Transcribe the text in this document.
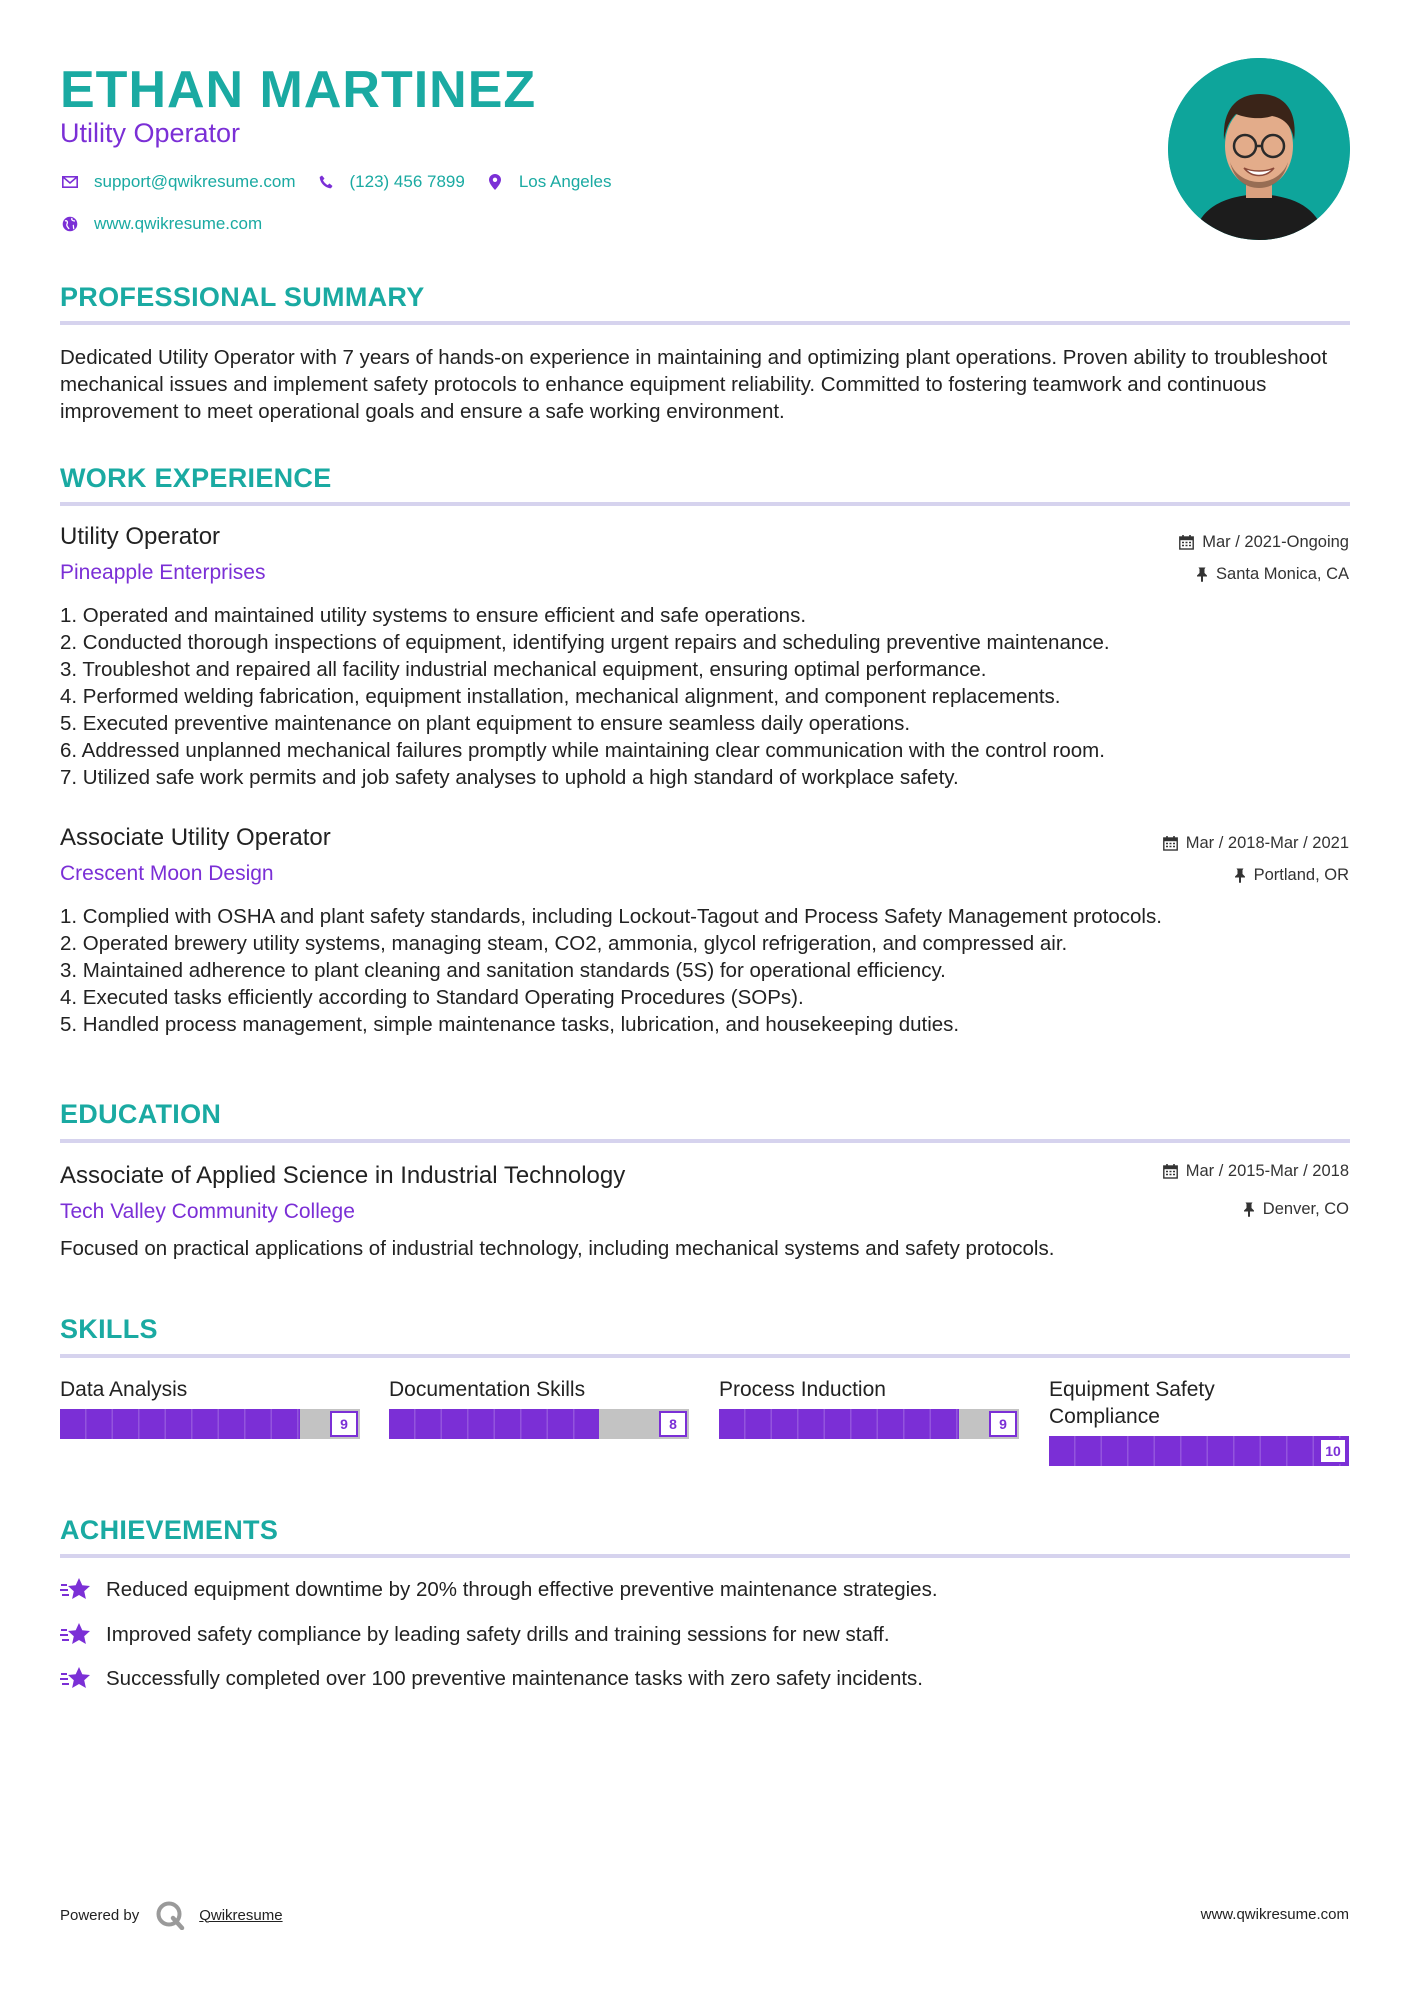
ETHAN MARTINEZ
Utility Operator
support@qwikresume.com	(123) 456 7899	Los Angeles
www.qwikresume.com
PROFESSIONAL SUMMARY

Dedicated Utility Operator with 7 years of hands-on experience in maintaining and optimizing plant operations. Proven ability to troubleshoot mechanical issues and implement safety protocols to enhance equipment reliability. Committed to fostering teamwork and continuous improvement to meet operational goals and ensure a safe working environment.

WORK EXPERIENCE
Utility Operator	Mar / 2021-Ongoing
Pineapple Enterprises	Santa Monica, CA
1. Operated and maintained utility systems to ensure efficient and safe operations.
2. Conducted thorough inspections of equipment, identifying urgent repairs and scheduling preventive maintenance.
3. Troubleshot and repaired all facility industrial mechanical equipment, ensuring optimal performance.
4. Performed welding fabrication, equipment installation, mechanical alignment, and component replacements.
5. Executed preventive maintenance on plant equipment to ensure seamless daily operations.
6. Addressed unplanned mechanical failures promptly while maintaining clear communication with the control room.
7. Utilized safe work permits and job safety analyses to uphold a high standard of workplace safety.
Associate Utility Operator	Mar / 2018-Mar / 2021
Crescent Moon Design	Portland, OR
1. Complied with OSHA and plant safety standards, including Lockout-Tagout and Process Safety Management protocols.
2. Operated brewery utility systems, managing steam, CO2, ammonia, glycol refrigeration, and compressed air.
3. Maintained adherence to plant cleaning and sanitation standards (5S) for operational efficiency.
4. Executed tasks efficiently according to Standard Operating Procedures (SOPs).
5. Handled process management, simple maintenance tasks, lubrication, and housekeeping duties.
EDUCATION
Associate of Applied Science in Industrial Technology	Mar / 2015-Mar / 2018
Tech Valley Community College	Denver, CO

Focused on practical applications of industrial technology, including mechanical systems and safety protocols.

SKILLS
Data Analysis
9
Documentation Skills
8
Process Induction
9
Equipment Safety Compliance
10
ACHIEVEMENTS
Reduced equipment downtime by 20% through effective preventive maintenance strategies.
Improved safety compliance by leading safety drills and training sessions for new staff.
Successfully completed over 100 preventive maintenance tasks with zero safety incidents.
Powered by	Qwikresume	www.qwikresume.com
